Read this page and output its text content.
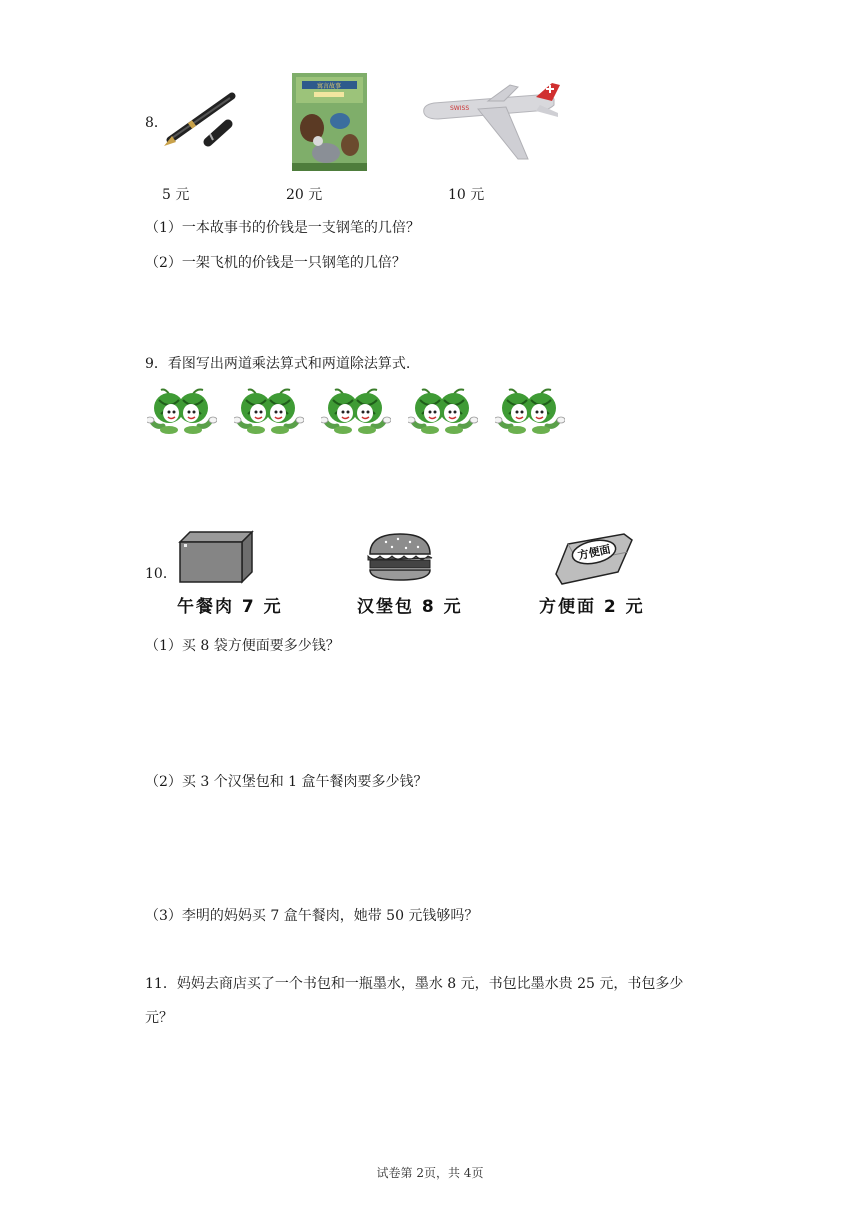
8．
寓言故事
SWISS
5 元	20 元	10 元
（1）一本故事书的价钱是一支钢笔的几倍？
（2）一架飞机的价钱是一只钢笔的几倍？
9．看图写出两道乘法算式和两道除法算式.
10．
方便面
午餐肉 7 元	汉堡包 8 元	方便面 2 元
（1）买 8 袋方便面要多少钱？
（2）买 3 个汉堡包和 1 盒午餐肉要多少钱？
（3）李明的妈妈买 7 盒午餐肉，她带 50 元钱够吗？
11．妈妈去商店买了一个书包和一瓶墨水，墨水 8 元，书包比墨水贵 25 元，书包多少
元？
试卷第 2页，共 4页
